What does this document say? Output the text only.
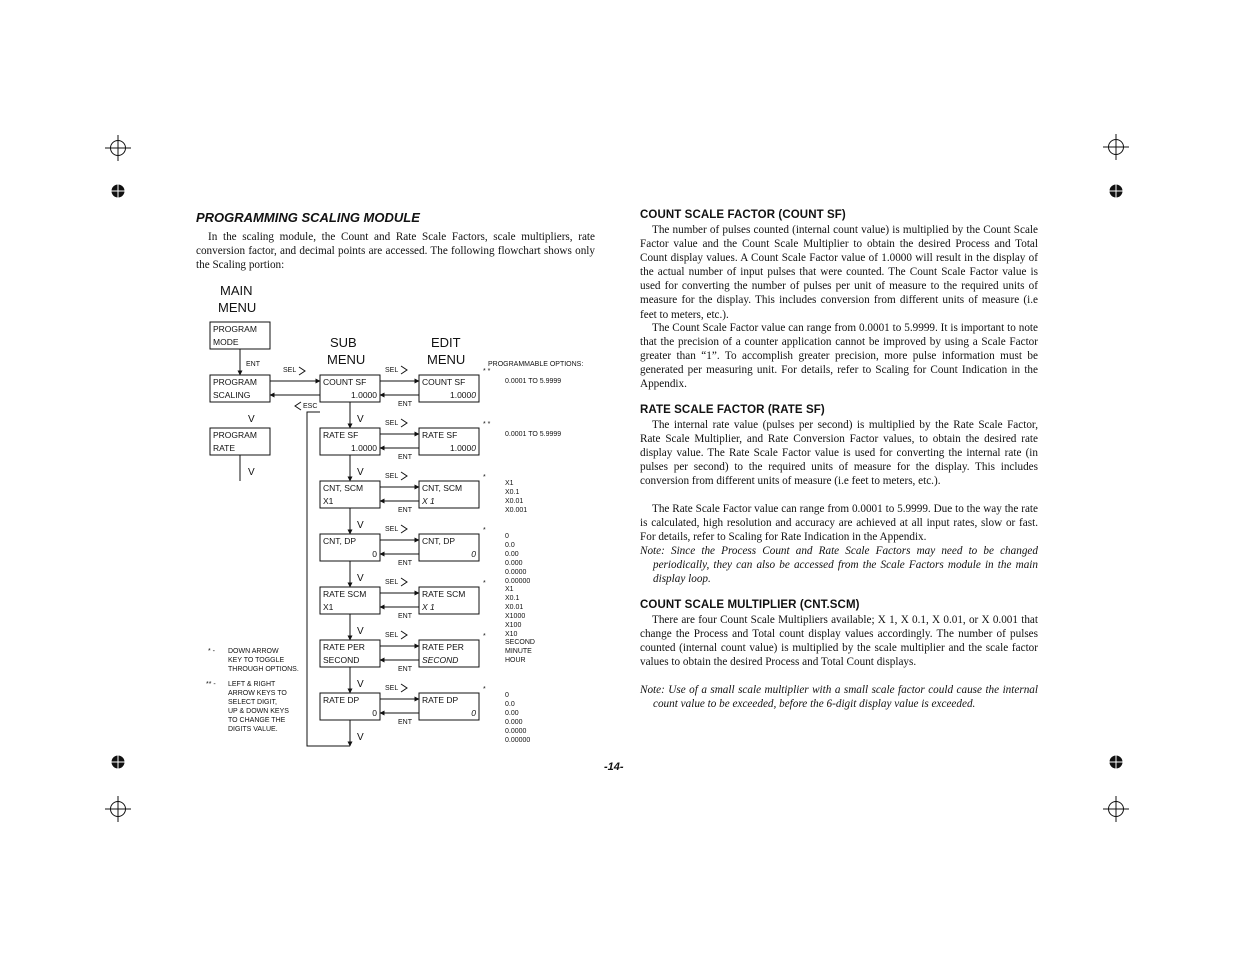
PROGRAMMING SCALING MODULE

In the scaling module, the Count and Rate Scale Factors, scale multipliers, rate conversion factor, and decimal points are accessed. The following flowchart shows only the Scaling portion:

MAIN
MENU
SUB
MENU
EDIT
MENU	PROGRAMMABLE OPTIONS:
PROGRAM
MODE
ENT
PROGRAM
SCALING
V
PROGRAM
RATE
V
SEL
ESC
COUNT SF
1.0000
COUNT SF
1.0000
SEL
ENT
* *
0.0001 TO 5.9999
V
RATE SF
1.0000
RATE SF
1.0000
SEL
ENT
* *
0.0001 TO 5.9999
V
CNT, SCM
X1
CNT, SCM
X 1
SEL
ENT
*
X1
X0.1
X0.01
X0.001
V
CNT, DP
0
CNT, DP
0
SEL
ENT
*
0
0.0
0.00
0.000
0.0000
0.00000
V
RATE SCM
X1
RATE SCM
X 1
SEL
ENT
*
X1
X0.1
X0.01
X1000
X100
X10
V
RATE PER
SECOND
RATE PER
SECOND
SEL
ENT
*
SECOND
MINUTE
HOUR
V
RATE DP
0
RATE DP
0
SEL
ENT
*
0
0.0
0.00
0.000
0.0000
0.00000
V
* - DOWN ARROW
KEY TO TOGGLE
THROUGH OPTIONS.
** - LEFT & RIGHT
ARROW KEYS TO
SELECT DIGIT,
UP & DOWN KEYS
TO CHANGE THE
DIGITS VALUE.
-14-
COUNT SCALE FACTOR (COUNT SF)

The number of pulses counted (internal count value) is multiplied by the Count Scale Factor value and the Count Scale Multiplier to obtain the desired Process and Total Count display values. A Count Scale Factor value of 1.0000 will result in the display of the actual number of input pulses that were counted. The Count Scale Factor value is used for converting the number of pulses per unit of measure to the required units of measure for the display. This includes conversion from different units of measure (i.e feet to meters, etc.).

The Count Scale Factor value can range from 0.0001 to 5.9999. It is important to note that the precision of a counter application cannot be improved by using a Scale Factor greater than “1”. To accomplish greater precision, more pulse information must be generated per measuring unit. For details, refer to Scaling for Count Indication in the Appendix.

RATE SCALE FACTOR (RATE SF)

The internal rate value (pulses per second) is multiplied by the Rate Scale Factor, Rate Scale Multiplier, and Rate Conversion Factor values, to obtain the desired rate display value. The Rate Scale Factor value is used for converting the internal rate (in pulses per second) to the required units of measure for the display. This includes conversion from different units of measure (i.e feet to meters, etc.).

The Rate Scale Factor value can range from 0.0001 to 5.9999. Due to the way the rate is calculated, high resolution and accuracy are achieved at all input rates, slow or fast. For details, refer to Scaling for Rate Indication in the Appendix.

Note: Since the Process Count and Rate Scale Factors may need to be changed periodically, they can also be accessed from the Scale Factors module in the main display loop.

COUNT SCALE MULTIPLIER (CNT.SCM)

There are four Count Scale Multipliers available; X 1, X 0.1, X 0.01, or X 0.001 that change the Process and Total count display values accordingly. The number of pulses counted (internal count value) is multiplied by the scale multiplier and the scale factor values to obtain the desired Process and Total Count displays.

Note: Use of a small scale multiplier with a small scale factor could cause the internal count value to be exceeded, before the 6-digit display value is exceeded.
